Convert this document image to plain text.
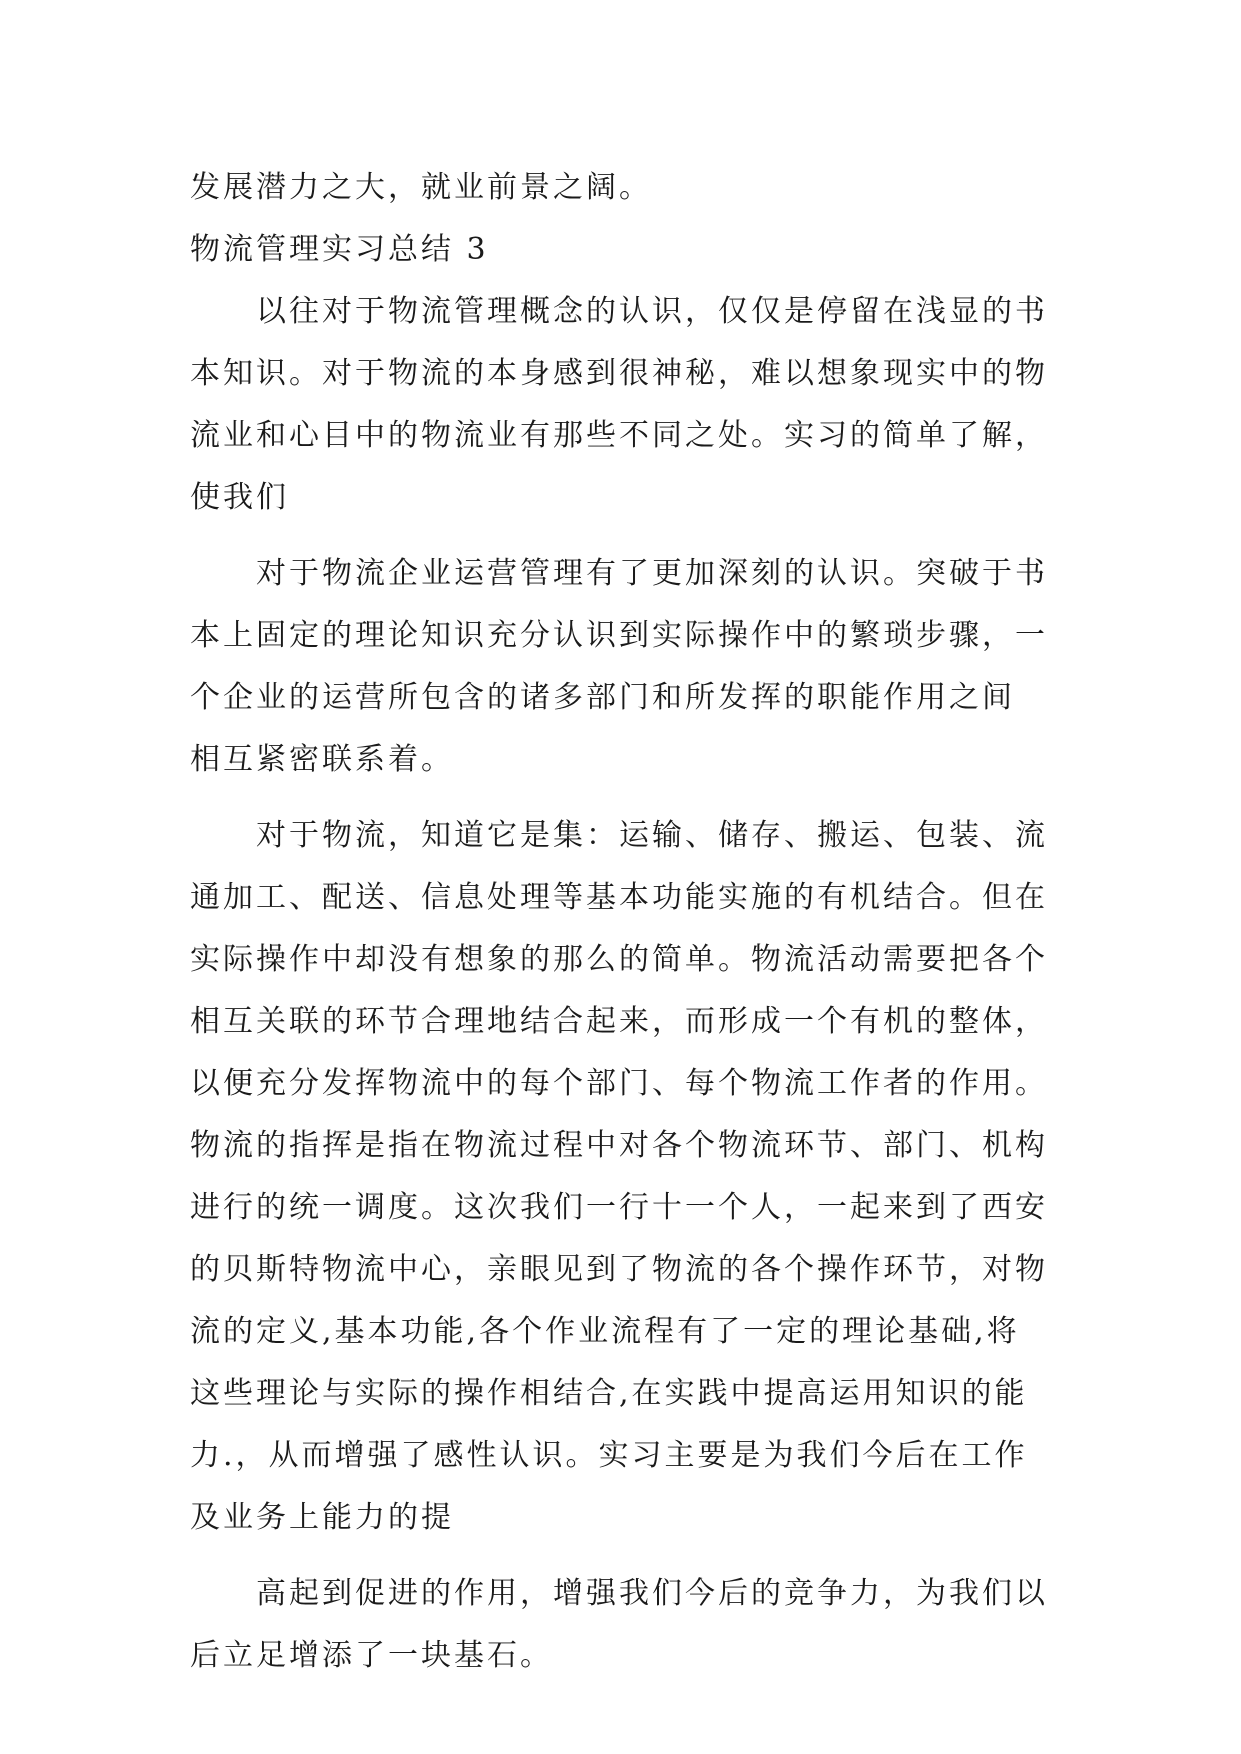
发展潜力之大，就业前景之阔。
物流管理实习总结 3
以往对于物流管理概念的认识，仅仅是停留在浅显的书
本知识。对于物流的本身感到很神秘，难以想象现实中的物
流业和心目中的物流业有那些不同之处。实习的简单了解，
使我们
对于物流企业运营管理有了更加深刻的认识。突破于书
本上固定的理论知识充分认识到实际操作中的繁琐步骤，一
个企业的运营所包含的诸多部门和所发挥的职能作用之间
相互紧密联系着。
对于物流，知道它是集：运输、储存、搬运、包装、流
通加工、配送、信息处理等基本功能实施的有机结合。但在
实际操作中却没有想象的那么的简单。物流活动需要把各个
相互关联的环节合理地结合起来，而形成一个有机的整体，
以便充分发挥物流中的每个部门、每个物流工作者的作用。
物流的指挥是指在物流过程中对各个物流环节、部门、机构
进行的统一调度。这次我们一行十一个人，一起来到了西安
的贝斯特物流中心，亲眼见到了物流的各个操作环节，对物
流的定义,基本功能,各个作业流程有了一定的理论基础,将
这些理论与实际的操作相结合,在实践中提高运用知识的能
力.，从而增强了感性认识。实习主要是为我们今后在工作
及业务上能力的提
高起到促进的作用，增强我们今后的竞争力，为我们以
后立足增添了一块基石。
